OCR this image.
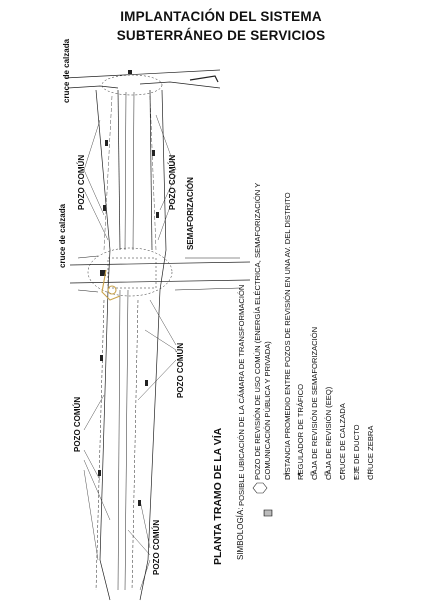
IMPLANTACIÓN DEL SISTEMA
SUBTERRÁNEO DE SERVICIOS
cruce de calzada
cruce de calzada
POZO COMÚN	POZO COMÚN SEMAFORIZACIÓN
POZO COMÚN
POZO COMÚN
POZO COMÚN	PLANTA TRAMO DE LA VÍA SIMBOLOGÍA:
POSIBLE UBICACIÓN DE LA CÁMARA DE TRANSFORMACIÓN POZO DE REVISIÓN DE USO COMÚN (ENERGÍA ELÉCTRICA, SEMAFORIZACIÓN Y COMUNICACIÓN PÚBLICA Y PRIVADA) DISTANCIA PROMEDIO ENTRE POZOS DE REVISIÓN EN UNA AV. DEL DISTRITO REGULADOR DE TRÁFICO CAJA DE REVISIÓN DE SEMAFORIZACIÓN CAJA DE REVISIÓN (EEQ) CRUCE DE CALZADA EJE DE DUCTO CRUCE ZEBRA
